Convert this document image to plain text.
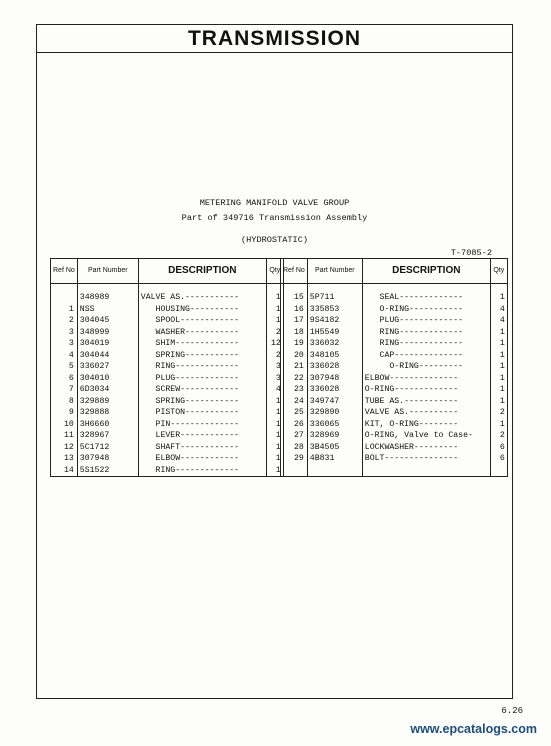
TRANSMISSION
METERING MANIFOLD VALVE GROUP
Part of 349716 Transmission Assembly
(HYDROSTATIC)
T-7085-2
Ref No	Part Number	DESCRIPTION	Qty

	348989	VALVE AS.-----------	1
1	NSS	HOUSING----------	1
2	304045	SPOOL------------	1
3	348999	WASHER-----------	2
3	304019	SHIM-------------	12
4	304044	SPRING-----------	2
5	336027	RING-------------	3
6	304010	PLUG-------------	3
7	6D3034	SCREW------------	4
8	329889	SPRING-----------	1
9	329888	PISTON-----------	1
10	3H6660	PIN--------------	1
11	328967	LEVER------------	1
12	5C1712	SHAFT------------	1
13	307948	ELBOW------------	1
14	5S1522	RING-------------	1
Ref No	Part Number	DESCRIPTION	Qty

15	5P711	SEAL-------------	1
16	335853	O-RING-----------	4
17	9S4182	PLUG-------------	4
18	1H5549	RING-------------	1
19	336032	RING-------------	1
20	348105	CAP--------------	1
21	336028	O-RING---------	1
22	307948	ELBOW--------------	1
23	336028	O-RING-------------	1
24	349747	TUBE AS.-----------	1
25	329890	VALVE AS.----------	2
26	336065	KIT, O-RING--------	1
27	328969	O-RING, Valve to Case-	2
28	3B4505	LOCKWASHER---------	6
29	4B831	BOLT---------------	6

6.26
www.epcatalogs.com
